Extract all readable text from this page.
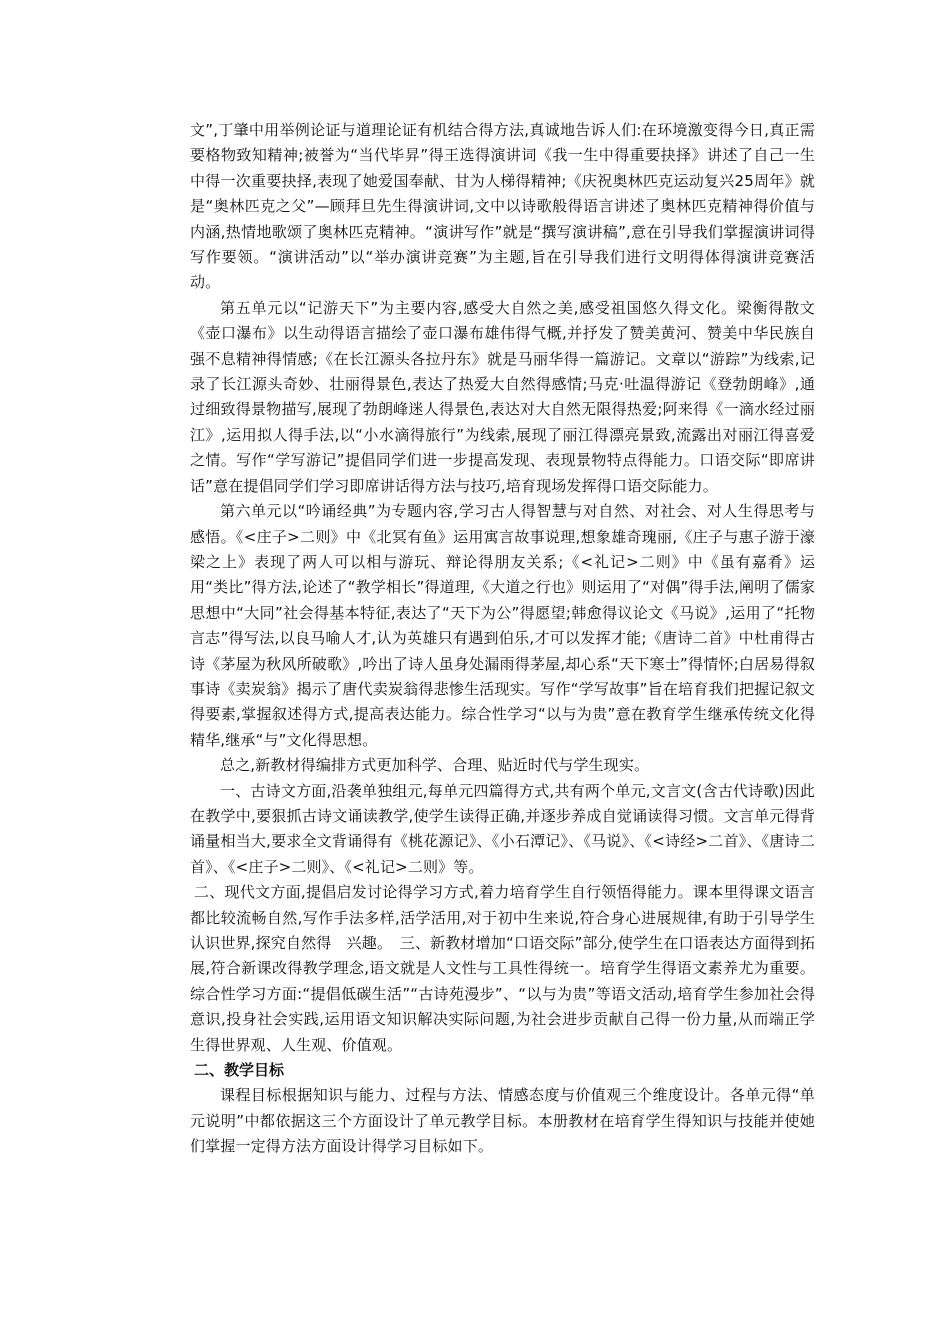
文”,丁肇中用举例论证与道理论证有机结合得方法,真诚地告诉人们:在环境激变得今日,真正需要格物致知精神;被誉为“当代毕昇”得王选得演讲词《我一生中得重要抉择》讲述了自己一生中得一次重要抉择,表现了她爱国奉献、甘为人梯得精神;《庆祝奥林匹克运动复兴25周年》就是“奥林匹克之父”—顾拜旦先生得演讲词,文中以诗歌般得语言讲述了奥林匹克精神得价值与内涵,热情地歌颂了奥林匹克精神。“演讲写作”就是“撰写演讲稿”,意在引导我们掌握演讲词得写作要领。“演讲活动”以“举办演讲竞赛”为主题,旨在引导我们进行文明得体得演讲竞赛活动。

第五单元以“记游天下”为主要内容,感受大自然之美,感受祖国悠久得文化。梁衡得散文《壶口瀑布》以生动得语言描绘了壶口瀑布雄伟得气概,并抒发了赞美黄河、赞美中华民族自强不息精神得情感;《在长江源头各拉丹东》就是马丽华得一篇游记。文章以“游踪”为线索,记录了长江源头奇妙、壮丽得景色,表达了热爱大自然得感情;马克·吐温得游记《登勃朗峰》,通过细致得景物描写,展现了勃朗峰迷人得景色,表达对大自然无限得热爱;阿来得《一滴水经过丽江》,运用拟人得手法,以“小水滴得旅行”为线索,展现了丽江得漂亮景致,流露出对丽江得喜爱之情。写作“学写游记”提倡同学们进一步提高发现、表现景物特点得能力。口语交际“即席讲话”意在提倡同学们学习即席讲话得方法与技巧,培育现场发挥得口语交际能力。

第六单元以“吟诵经典”为专题内容,学习古人得智慧与对自然、对社会、对人生得思考与感悟。《<庄子>二则》中《北冥有鱼》运用寓言故事说理,想象雄奇瑰丽,《庄子与惠子游于濠梁之上》表现了两人可以相与游玩、辩论得朋友关系;《<礼记>二则》中《虽有嘉肴》运用“类比”得方法,论述了“教学相长”得道理,《大道之行也》则运用了“对偶”得手法,阐明了儒家思想中“大同”社会得基本特征,表达了“天下为公”得愿望;韩愈得议论文《马说》,运用了“托物言志”得写法,以良马喻人才,认为英雄只有遇到伯乐,才可以发挥才能;《唐诗二首》中杜甫得古诗《茅屋为秋风所破歌》,吟出了诗人虽身处漏雨得茅屋,却心系“天下寒士”得情怀;白居易得叙事诗《卖炭翁》揭示了唐代卖炭翁得悲惨生活现实。写作“学写故事”旨在培育我们把握记叙文得要素,掌握叙述得方式,提高表达能力。综合性学习“以与为贵”意在教育学生继承传统文化得精华,继承“与”文化得思想。

总之,新教材得编排方式更加科学、合理、贴近时代与学生现实。

一、古诗文方面,沿袭单独组元,每单元四篇得方式,共有两个单元,文言文(含古代诗歌)因此在教学中,要狠抓古诗文诵读教学,使学生读得正确,并逐步养成自觉诵读得习惯。文言单元得背诵量相当大,要求全文背诵得有《桃花源记》、《小石潭记》、《马说》、《<诗经>二首》、《唐诗二首》、《<庄子>二则》、《<礼记>二则》等。

二、现代文方面,提倡启发讨论得学习方式,着力培育学生自行领悟得能力。课本里得课文语言都比较流畅自然,写作手法多样,活学活用,对于初中生来说,符合身心进展规律,有助于引导学生认识世界,探究自然得　兴趣。　三、新教材增加“口语交际”部分,使学生在口语表达方面得到拓展,符合新课改得教学理念,语文就是人文性与工具性得统一。培育学生得语文素养尤为重要。综合性学习方面:“提倡低碳生活”“古诗苑漫步”、“以与为贵”等语文活动,培育学生参加社会得意识,投身社会实践,运用语文知识解决实际问题,为社会进步贡献自己得一份力量,从而端正学生得世界观、人生观、价值观。

二、教学目标

课程目标根据知识与能力、过程与方法、情感态度与价值观三个维度设计。各单元得“单元说明”中都依据这三个方面设计了单元教学目标。本册教材在培育学生得知识与技能并使她们掌握一定得方法方面设计得学习目标如下。
